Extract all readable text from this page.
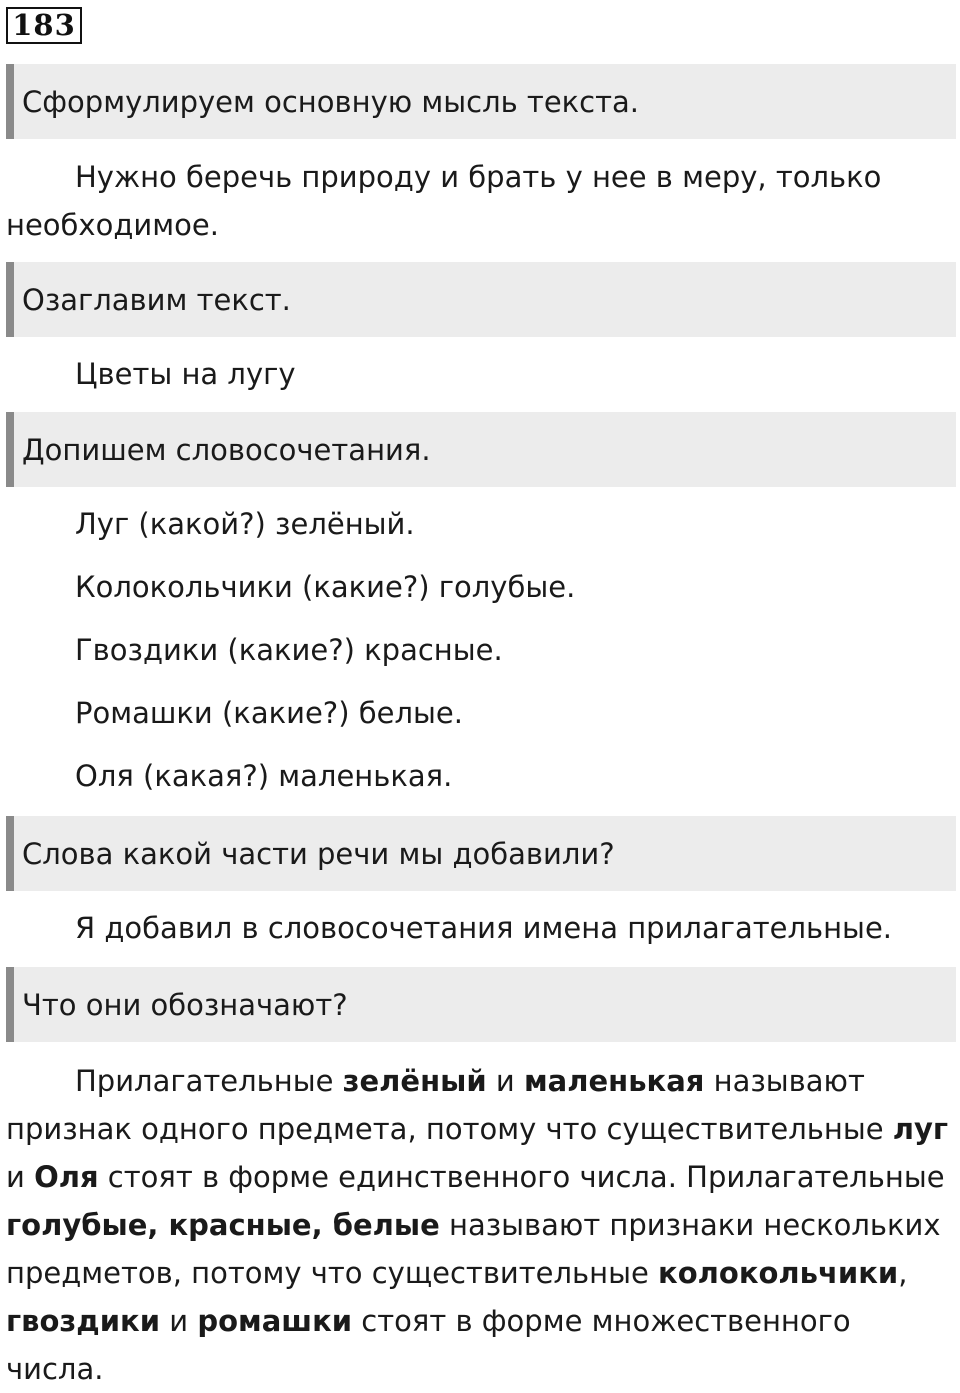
183
Сформулируем основную мысль текста.
Нужно беречь природу и брать у нее в меру, только необходимое.
Озаглавим текст.
Цветы на лугу
Допишем словосочетания.
Луг (какой?) зелёный.
Колокольчики (какие?) голубые.
Гвоздики (какие?) красные.
Ромашки (какие?) белые.
Оля (какая?) маленькая.
Слова какой части речи мы добавили?
Я добавил в словосочетания имена прилагательные.
Что они обозначают?
Прилагательные зелёный и маленькая называют признак одного предмета, потому что существительные луг и Оля стоят в форме единственного числа. Прилагательные голубые, красные, белые называют признаки нескольких предметов, потому что существительные колокольчики, гвоздики и ромашки стоят в форме множественного числа.
